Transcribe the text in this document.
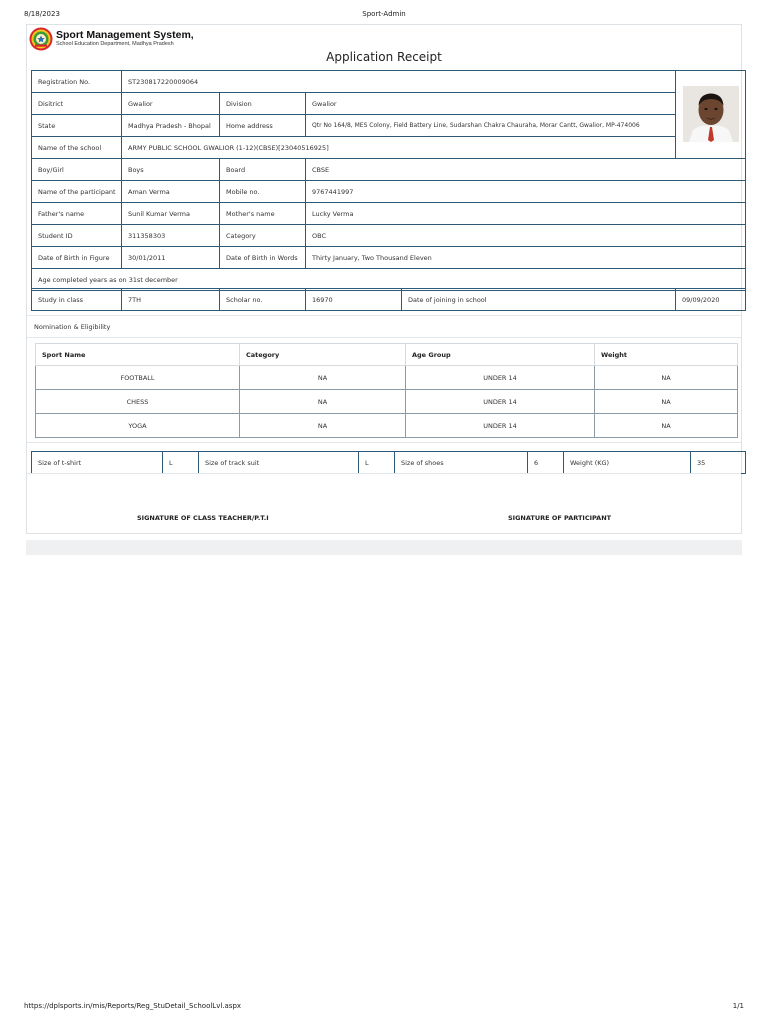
8/18/2023	Sport-Admin
Sport Management System,
School Education Department, Madhya Pradesh
Application Receipt
Registration No.	ST230817220009064	
Disitrict	Gwalior	Division	Gwalior	
State	Madhya Pradesh - Bhopal	Home address	Qtr No 164/8, MES Colony, Field Battery Line, Sudarshan Chakra Chauraha, Morar Cantt, Gwalior, MP-474006	
Name of the school	ARMY PUBLIC SCHOOL GWALIOR (1-12)(CBSE)[23040516925]			
Boy/Girl	Boys	Board	CBSE	
Name of the participant	Aman Verma	Mobile no.	9767441997	
Father's name	Sunil Kumar Verma	Mother's name	Lucky Verma	
Student ID	311358303	Category	OBC	
Date of Birth in Figure	30/01/2011	Date of Birth in Words	Thirty January, Two Thousand Eleven	
Age completed years as on 31st december				
Study in class	7TH	Scholar no.	16970	Date of joining in school	09/09/2020
Nomination & Eligibility
Sport Name	Category	Age Group	Weight
FOOTBALL	NA	UNDER 14	NA
CHESS	NA	UNDER 14	NA
YOGA	NA	UNDER 14	NA
Size of t-shirt	L	Size of track suit	L	Size of shoes	6	Weight (KG)	35
SIGNATURE OF CLASS TEACHER/P.T.I	SIGNATURE OF PARTICIPANT
https://dplsports.in/mis/Reports/Reg_StuDetail_SchoolLvl.aspx	1/1
